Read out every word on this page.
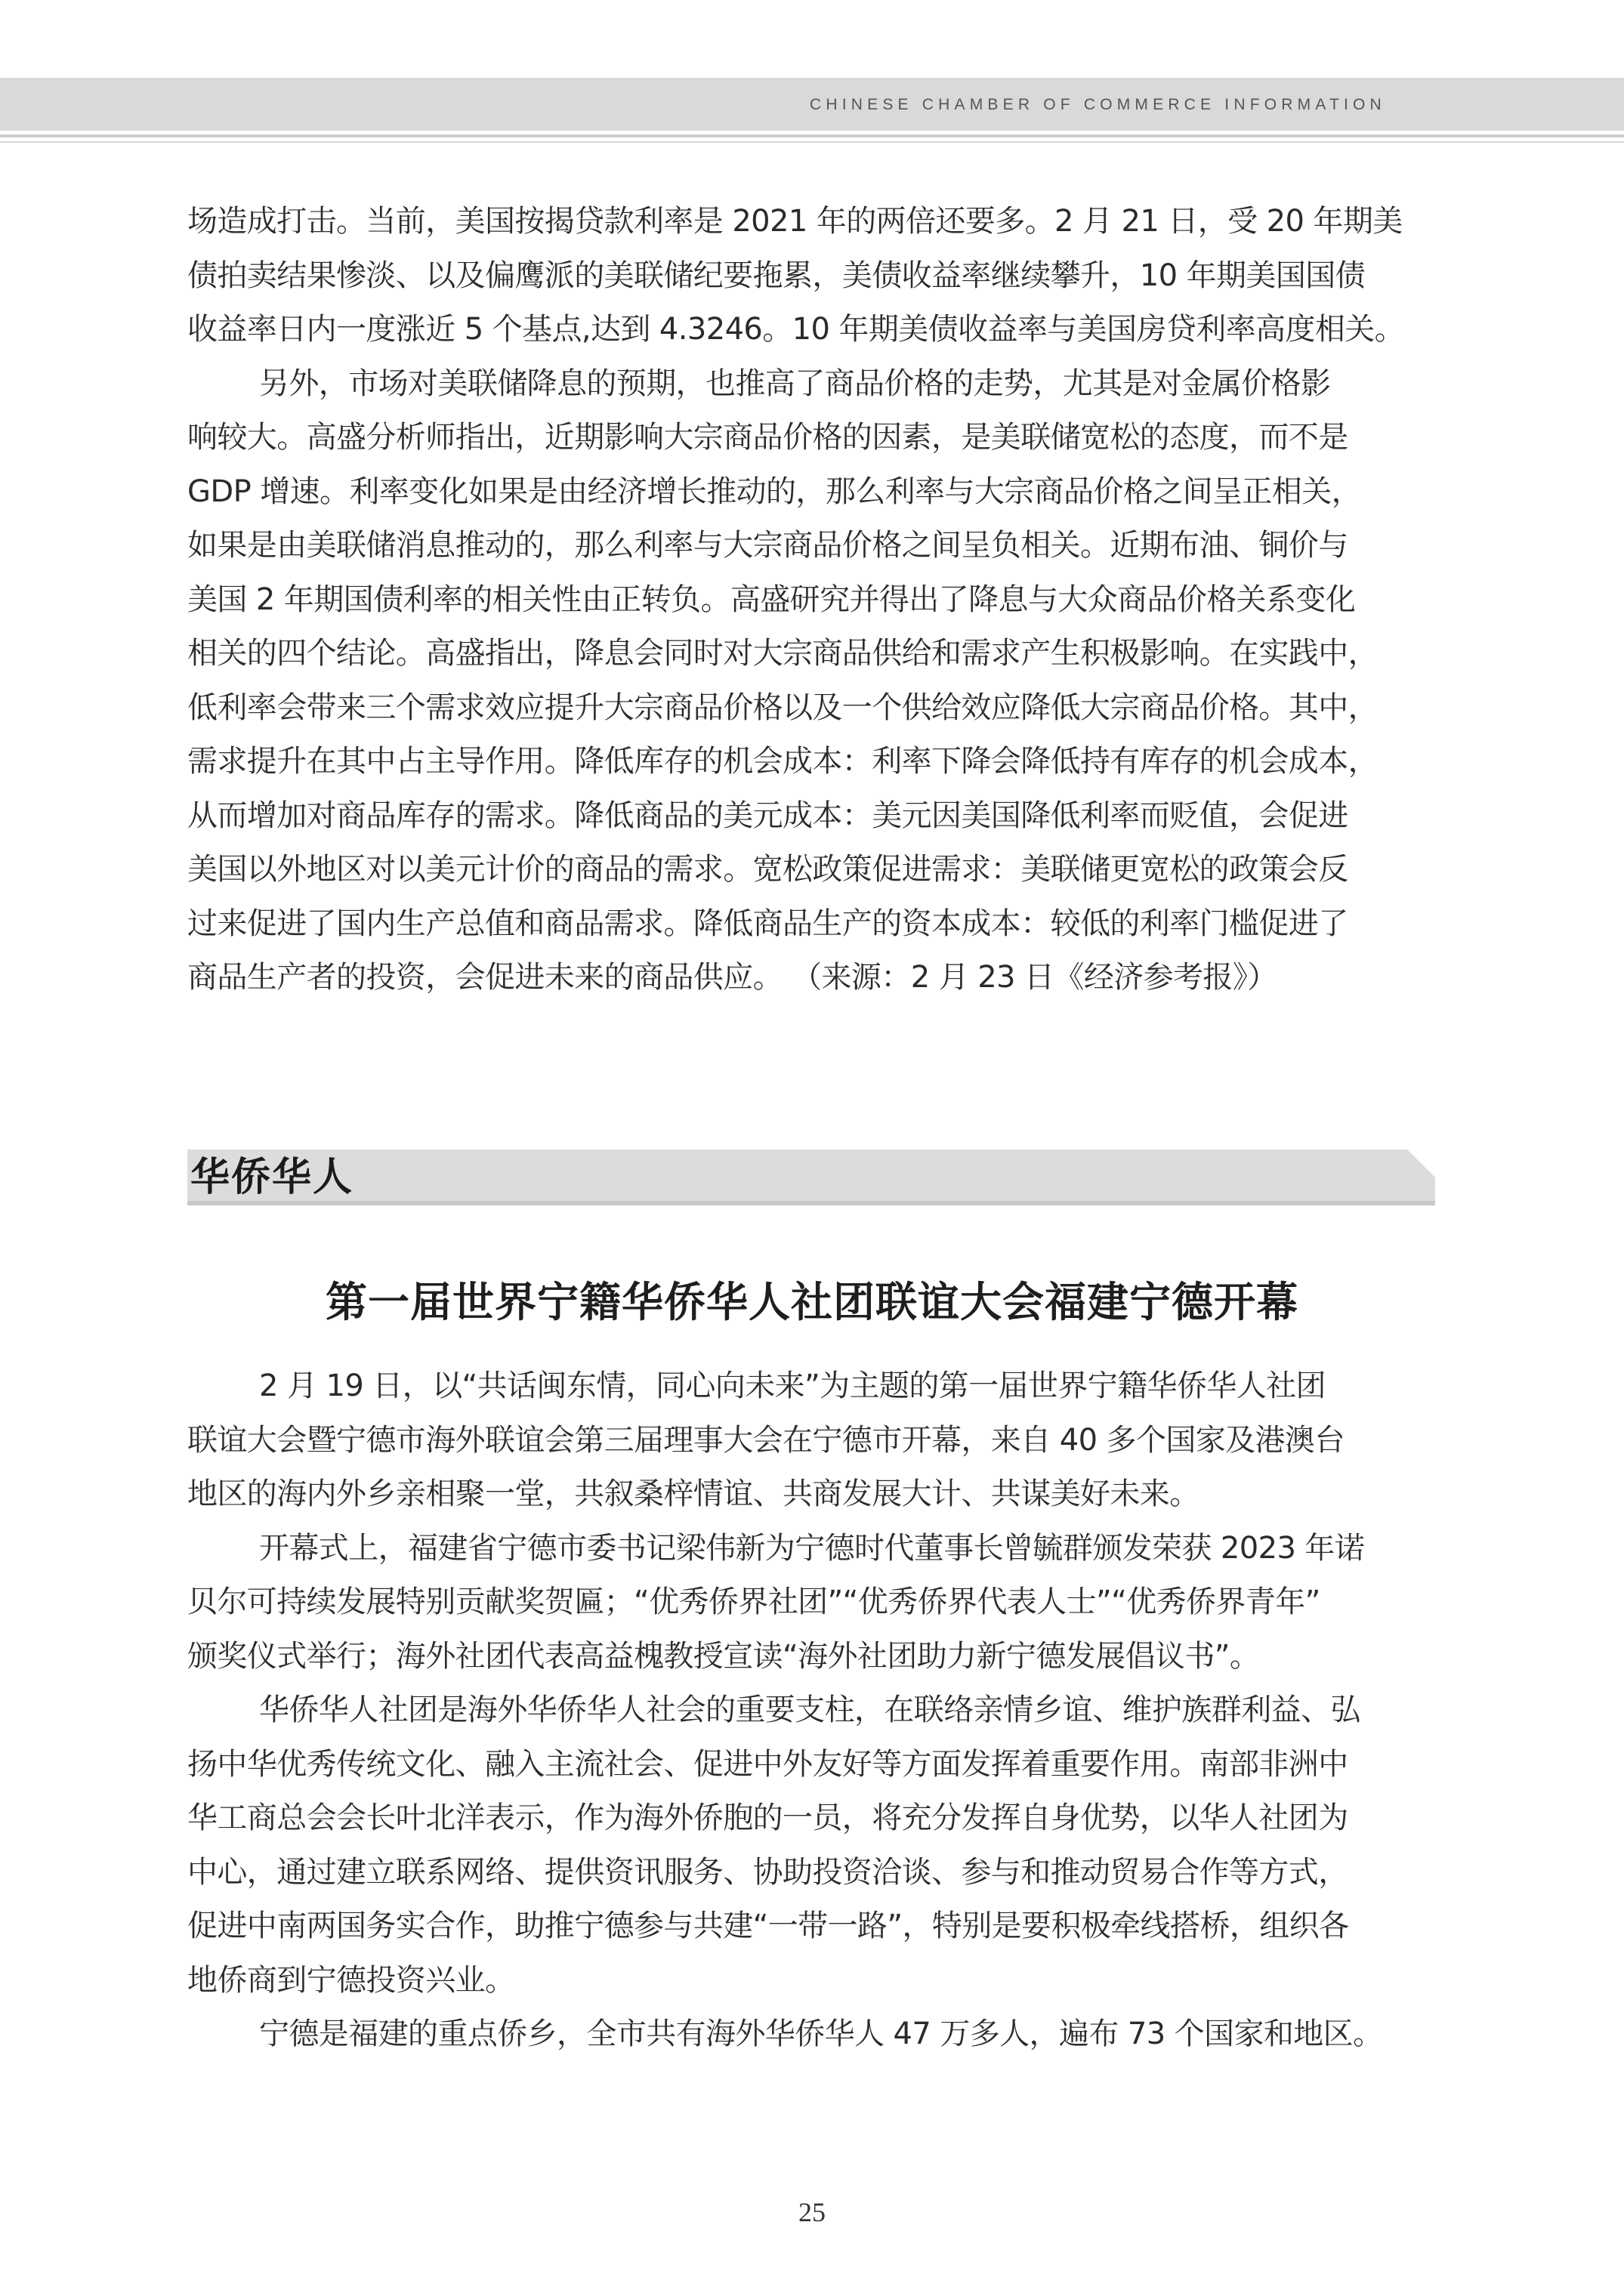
CHINESE CHAMBER OF COMMERCE INFORMATION
场造成打击。当前，美国按揭贷款利率是 2021 年的两倍还要多。2 月 21 日，受 20 年期美
债拍卖结果惨淡、以及偏鹰派的美联储纪要拖累，美债收益率继续攀升，10 年期美国国债
收益率日内一度涨近 5 个基点,达到 4.3246。10 年期美债收益率与美国房贷利率高度相关。
另外，市场对美联储降息的预期，也推高了商品价格的走势，尤其是对金属价格影
响较大。高盛分析师指出，近期影响大宗商品价格的因素，是美联储宽松的态度，而不是
GDP 增速。利率变化如果是由经济增长推动的，那么利率与大宗商品价格之间呈正相关，
如果是由美联储消息推动的，那么利率与大宗商品价格之间呈负相关。近期布油、铜价与
美国 2 年期国债利率的相关性由正转负。高盛研究并得出了降息与大众商品价格关系变化
相关的四个结论。高盛指出，降息会同时对大宗商品供给和需求产生积极影响。在实践中，
低利率会带来三个需求效应提升大宗商品价格以及一个供给效应降低大宗商品价格。其中，
需求提升在其中占主导作用。降低库存的机会成本：利率下降会降低持有库存的机会成本，
从而增加对商品库存的需求。降低商品的美元成本：美元因美国降低利率而贬值，会促进
美国以外地区对以美元计价的商品的需求。宽松政策促进需求：美联储更宽松的政策会反
过来促进了国内生产总值和商品需求。降低商品生产的资本成本：较低的利率门槛促进了
商品生产者的投资，会促进未来的商品供应。 （来源：2 月 23 日《经济参考报》）
华侨华人
第一届世界宁籍华侨华人社团联谊大会福建宁德开幕
2 月 19 日，以“共话闽东情，同心向未来”为主题的第一届世界宁籍华侨华人社团
联谊大会暨宁德市海外联谊会第三届理事大会在宁德市开幕，来自 40 多个国家及港澳台
地区的海内外乡亲相聚一堂，共叙桑梓情谊、共商发展大计、共谋美好未来。
开幕式上，福建省宁德市委书记梁伟新为宁德时代董事长曾毓群颁发荣获 2023 年诺
贝尔可持续发展特别贡献奖贺匾；“优秀侨界社团”“优秀侨界代表人士”“优秀侨界青年”
颁奖仪式举行；海外社团代表高益槐教授宣读“海外社团助力新宁德发展倡议书”。
华侨华人社团是海外华侨华人社会的重要支柱，在联络亲情乡谊、维护族群利益、弘
扬中华优秀传统文化、融入主流社会、促进中外友好等方面发挥着重要作用。南部非洲中
华工商总会会长叶北洋表示，作为海外侨胞的一员，将充分发挥自身优势，以华人社团为
中心，通过建立联系网络、提供资讯服务、协助投资洽谈、参与和推动贸易合作等方式，
促进中南两国务实合作，助推宁德参与共建“一带一路”，特别是要积极牵线搭桥，组织各
地侨商到宁德投资兴业。
宁德是福建的重点侨乡，全市共有海外华侨华人 47 万多人，遍布 73 个国家和地区。
25
